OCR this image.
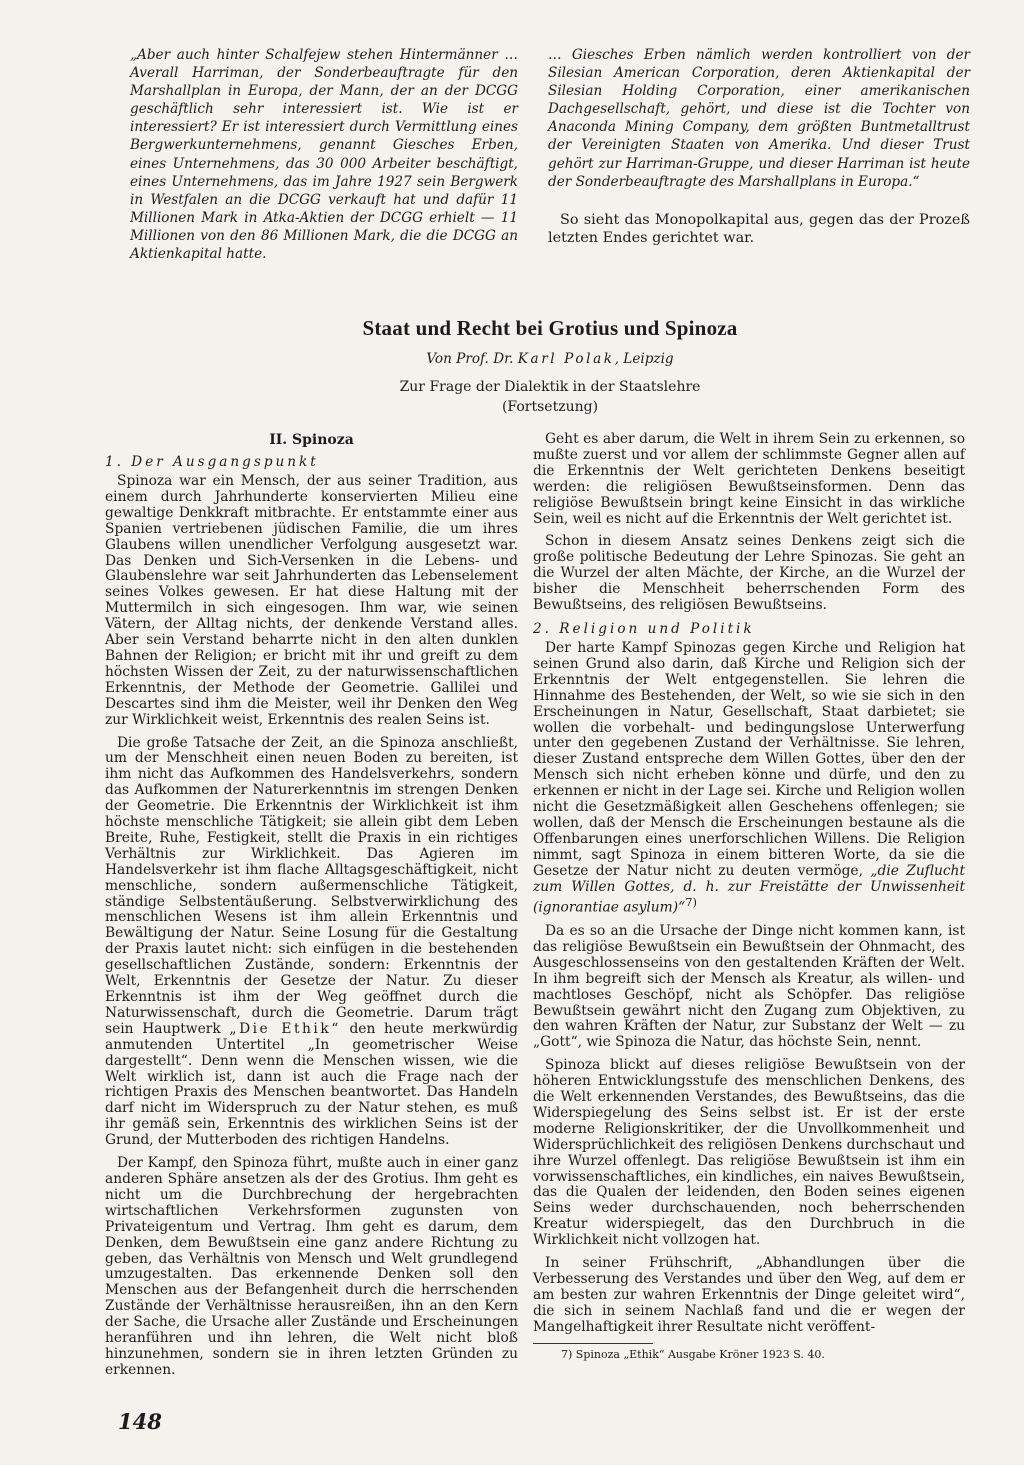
„Aber auch hinter Schalfejew stehen Hintermänner … Averall Harriman, der Sonderbeauftragte für den Marshallplan in Europa, der Mann, der an der DCGG geschäftlich sehr interessiert ist. Wie ist er interessiert? Er ist interessiert durch Vermittlung eines Bergwerkunternehmens, genannt Giesches Erben, eines Unternehmens, das 30 000 Arbeiter beschäftigt, eines Unternehmens, das im Jahre 1927 sein Bergwerk in Westfalen an die DCGG verkauft hat und dafür 11 Millionen Mark in Atka-Aktien der DCGG erhielt — 11 Millionen von den 86 Millionen Mark, die die DCGG an Aktienkapital hatte.

… Giesches Erben nämlich werden kontrolliert von der Silesian American Corporation, deren Aktienkapital der Silesian Holding Corporation, einer amerikanischen Dachgesellschaft, gehört, und diese ist die Tochter von Anaconda Mining Company, dem größten Buntmetalltrust der Vereinigten Staaten von Amerika. Und dieser Trust gehört zur Harriman-Gruppe, und dieser Harriman ist heute der Sonderbeauftragte des Marshallplans in Europa.“

So sieht das Monopolkapital aus, gegen das der Prozeß letzten Endes gerichtet war.

Staat und Recht bei Grotius und Spinoza
Von Prof. Dr. Karl Polak, Leipzig
Zur Frage der Dialektik in der Staatslehre
(Fortsetzung)
II. Spinoza
1. Der Ausgangspunkt

Spinoza war ein Mensch, der aus seiner Tradition, aus einem durch Jahrhunderte konservierten Milieu eine gewaltige Denkkraft mitbrachte. Er entstammte einer aus Spanien vertriebenen jüdischen Familie, die um ihres Glaubens willen unendlicher Verfolgung ausgesetzt war. Das Denken und Sich-Versenken in die Lebens- und Glaubenslehre war seit Jahrhunderten das Lebenselement seines Volkes gewesen. Er hat diese Haltung mit der Muttermilch in sich eingesogen. Ihm war, wie seinen Vätern, der Alltag nichts, der denkende Verstand alles. Aber sein Verstand beharrte nicht in den alten dunklen Bahnen der Religion; er bricht mit ihr und greift zu dem höchsten Wissen der Zeit, zu der naturwissenschaftlichen Erkenntnis, der Methode der Geometrie. Gallilei und Descartes sind ihm die Meister, weil ihr Denken den Weg zur Wirklichkeit weist, Erkenntnis des realen Seins ist.

Die große Tatsache der Zeit, an die Spinoza anschließt, um der Menschheit einen neuen Boden zu bereiten, ist ihm nicht das Aufkommen des Handelsverkehrs, sondern das Aufkommen der Naturerkenntnis im strengen Denken der Geometrie. Die Erkenntnis der Wirklichkeit ist ihm höchste menschliche Tätigkeit; sie allein gibt dem Leben Breite, Ruhe, Festigkeit, stellt die Praxis in ein richtiges Verhältnis zur Wirklichkeit. Das Agieren im Handelsverkehr ist ihm flache Alltagsgeschäftigkeit, nicht menschliche, sondern außermenschliche Tätigkeit, ständige Selbstentäußerung. Selbstverwirklichung des menschlichen Wesens ist ihm allein Erkenntnis und Bewältigung der Natur. Seine Losung für die Gestaltung der Praxis lautet nicht: sich einfügen in die bestehenden gesellschaftlichen Zustände, sondern: Erkenntnis der Welt, Erkenntnis der Gesetze der Natur. Zu dieser Erkenntnis ist ihm der Weg geöffnet durch die Naturwissenschaft, durch die Geometrie. Darum trägt sein Hauptwerk „Die Ethik“ den heute merkwürdig anmutenden Untertitel „In geometrischer Weise dargestellt“. Denn wenn die Menschen wissen, wie die Welt wirklich ist, dann ist auch die Frage nach der richtigen Praxis des Menschen beantwortet. Das Handeln darf nicht im Widerspruch zu der Natur stehen, es muß ihr gemäß sein, Erkenntnis des wirklichen Seins ist der Grund, der Mutterboden des richtigen Handelns.

Der Kampf, den Spinoza führt, mußte auch in einer ganz anderen Sphäre ansetzen als der des Grotius. Ihm geht es nicht um die Durchbrechung der hergebrachten wirtschaftlichen Verkehrsformen zugunsten von Privateigentum und Vertrag. Ihm geht es darum, dem Denken, dem Bewußtsein eine ganz andere Richtung zu geben, das Verhältnis von Mensch und Welt grundlegend umzugestalten. Das erkennende Denken soll den Menschen aus der Befangenheit durch die herrschenden Zustände der Verhältnisse herausreißen, ihn an den Kern der Sache, die Ursache aller Zustände und Erscheinungen heranführen und ihn lehren, die Welt nicht bloß hinzunehmen, sondern sie in ihren letzten Gründen zu erkennen.

Geht es aber darum, die Welt in ihrem Sein zu erkennen, so mußte zuerst und vor allem der schlimmste Gegner allen auf die Erkenntnis der Welt gerichteten Denkens beseitigt werden: die religiösen Bewußtseinsformen. Denn das religiöse Bewußtsein bringt keine Einsicht in das wirkliche Sein, weil es nicht auf die Erkenntnis der Welt gerichtet ist.

Schon in diesem Ansatz seines Denkens zeigt sich die große politische Bedeutung der Lehre Spinozas. Sie geht an die Wurzel der alten Mächte, der Kirche, an die Wurzel der bisher die Menschheit beherrschenden Form des Bewußtseins, des religiösen Bewußtseins.

2. Religion und Politik

Der harte Kampf Spinozas gegen Kirche und Religion hat seinen Grund also darin, daß Kirche und Religion sich der Erkenntnis der Welt entgegenstellen. Sie lehren die Hinnahme des Bestehenden, der Welt, so wie sie sich in den Erscheinungen in Natur, Gesellschaft, Staat darbietet; sie wollen die vorbehalt- und bedingungslose Unterwerfung unter den gegebenen Zustand der Verhältnisse. Sie lehren, dieser Zustand entspreche dem Willen Gottes, über den der Mensch sich nicht erheben könne und dürfe, und den zu erkennen er nicht in der Lage sei. Kirche und Religion wollen nicht die Gesetzmäßigkeit allen Geschehens offenlegen; sie wollen, daß der Mensch die Erscheinungen bestaune als die Offenbarungen eines unerforschlichen Willens. Die Religion nimmt, sagt Spinoza in einem bitteren Worte, da sie die Gesetze der Natur nicht zu deuten vermöge, „die Zuflucht zum Willen Gottes, d. h. zur Freistätte der Unwissenheit (ignorantiae asylum)“$^{7)}$

Da es so an die Ursache der Dinge nicht kommen kann, ist das religiöse Bewußtsein ein Bewußtsein der Ohnmacht, des Ausgeschlossenseins von den gestaltenden Kräften der Welt. In ihm begreift sich der Mensch als Kreatur, als willen- und machtloses Geschöpf, nicht als Schöpfer. Das religiöse Bewußtsein gewährt nicht den Zugang zum Objektiven, zu den wahren Kräften der Natur, zur Substanz der Welt — zu „Gott“, wie Spinoza die Natur, das höchste Sein, nennt.

Spinoza blickt auf dieses religiöse Bewußtsein von der höheren Entwicklungsstufe des menschlichen Denkens, des die Welt erkennenden Verstandes, des Bewußtseins, das die Widerspiegelung des Seins selbst ist. Er ist der erste moderne Religionskritiker, der die Unvollkommenheit und Widersprüchlichkeit des religiösen Denkens durchschaut und ihre Wurzel offenlegt. Das religiöse Bewußtsein ist ihm ein vorwissenschaftliches, ein kindliches, ein naives Bewußtsein, das die Qualen der leidenden, den Boden seines eigenen Seins weder durchschauenden, noch beherrschenden Kreatur widerspiegelt, das den Durchbruch in die Wirklichkeit nicht vollzogen hat.

In seiner Frühschrift, „Abhandlungen über die Verbesserung des Verstandes und über den Weg, auf dem er am besten zur wahren Erkenntnis der Dinge geleitet wird“, die sich in seinem Nachlaß fand und die er wegen der Mangelhaftigkeit ihrer Resultate nicht veröffent-

7) Spinoza „Ethik“ Ausgabe Kröner 1923 S. 40.
148
